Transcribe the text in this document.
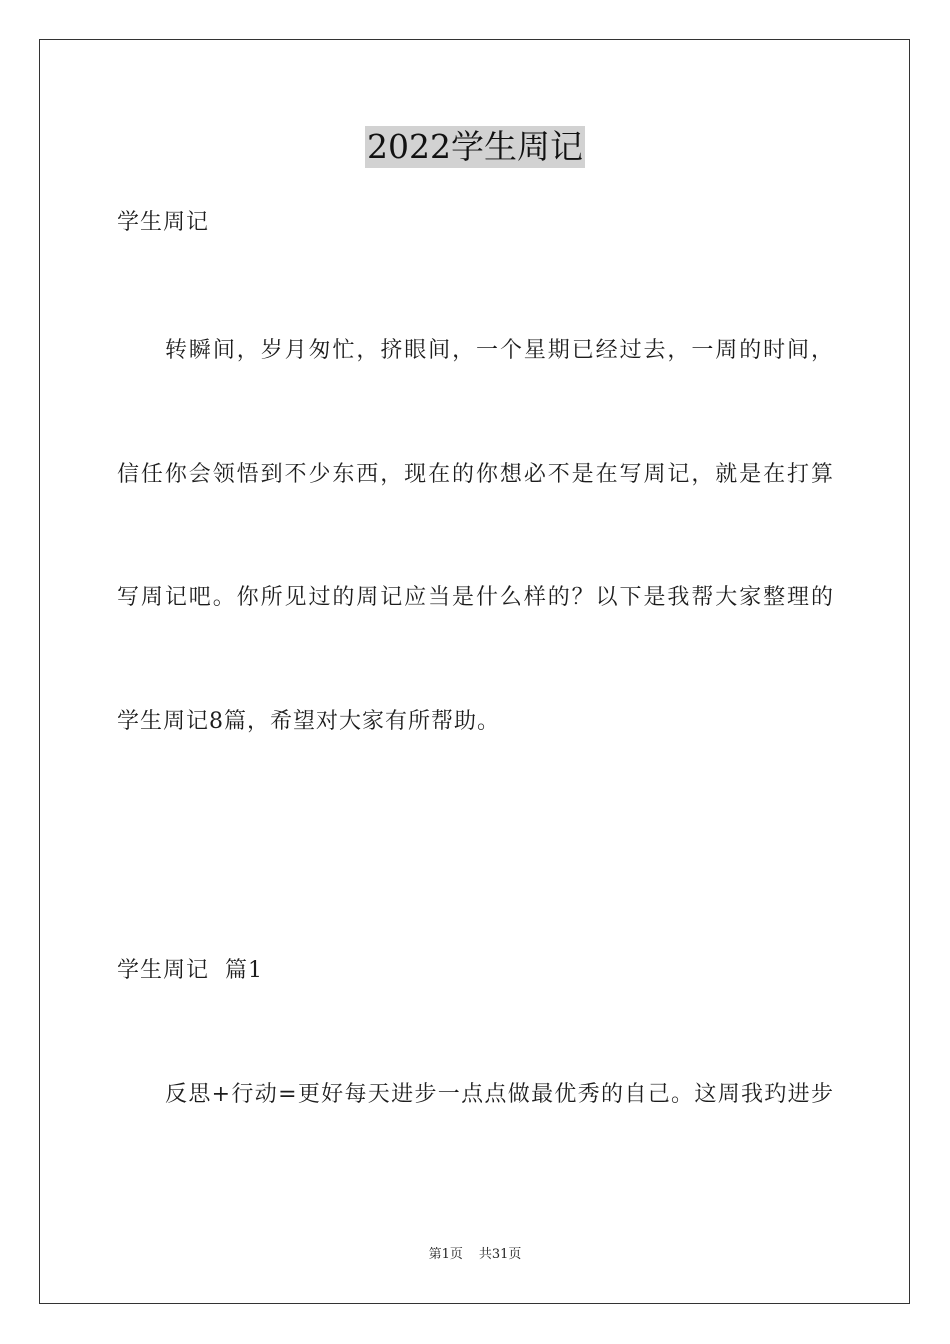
2022学生周记
学生周记
转瞬间，岁月匆忙，挤眼间，一个星期已经过去，一周的时间，
信任你会领悟到不少东西，现在的你想必不是在写周记，就是在打算
写周记吧。你所见过的周记应当是什么样的？以下是我帮大家整理的
学生周记8篇，希望对大家有所帮助。
学生周记  篇1
反思+行动=更好每天进步一点点做最优秀的自己。这周我玓进步
第1页 共31页
